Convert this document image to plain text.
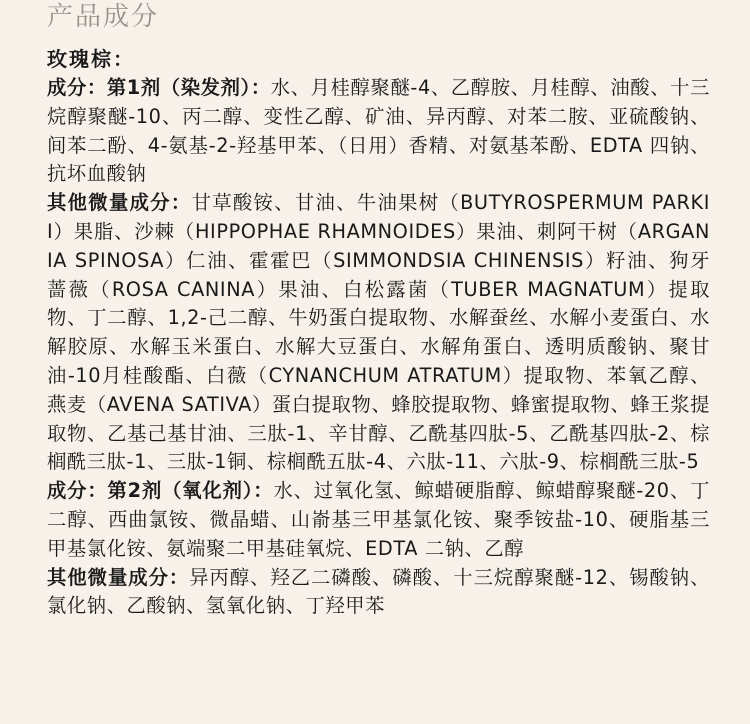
产品成分
玫瑰棕：
成分：第1剂（染发剂）：水、月桂醇聚醚-4、乙醇胺、月桂醇、油酸、十三烷醇聚醚-10、丙二醇、变性乙醇、矿油、异丙醇、对苯二胺、亚硫酸钠、间苯二酚、4-氨基-2-羟基甲苯、（日用）香精、对氨基苯酚、EDTA 四钠、抗坏血酸钠
其他微量成分：甘草酸铵、甘油、牛油果树（BUTYROSPERMUM PARKII）果脂、沙棘（HIPPOPHAE RHAMNOIDES）果油、刺阿干树（ARGANIA SPINOSA）仁油、霍霍巴（SIMMONDSIA CHINENSIS）籽油、狗牙蔷薇（ROSA CANINA）果油、白松露菌（TUBER MAGNATUM）提取物、丁二醇、1,2-己二醇、牛奶蛋白提取物、水解蚕丝、水解小麦蛋白、水解胶原、水解玉米蛋白、水解大豆蛋白、水解角蛋白、透明质酸钠、聚甘油-10月桂酸酯、白薇（CYNANCHUM ATRATUM）提取物、苯氧乙醇、燕麦（AVENA SATIVA）蛋白提取物、蜂胶提取物、蜂蜜提取物、蜂王浆提取物、乙基己基甘油、三肽-1、辛甘醇、乙酰基四肽-5、乙酰基四肽-2、棕榈酰三肽-1、三肽-1铜、棕榈酰五肽-4、六肽-11、六肽-9、棕榈酰三肽-5
成分：第2剂（氧化剂）：水、过氧化氢、鲸蜡硬脂醇、鲸蜡醇聚醚-20、丁二醇、西曲氯铵、微晶蜡、山嵛基三甲基氯化铵、聚季铵盐-10、硬脂基三甲基氯化铵、氨端聚二甲基硅氧烷、EDTA 二钠、乙醇
其他微量成分：异丙醇、羟乙二磷酸、磷酸、十三烷醇聚醚-12、锡酸钠、氯化钠、乙酸钠、氢氧化钠、丁羟甲苯
